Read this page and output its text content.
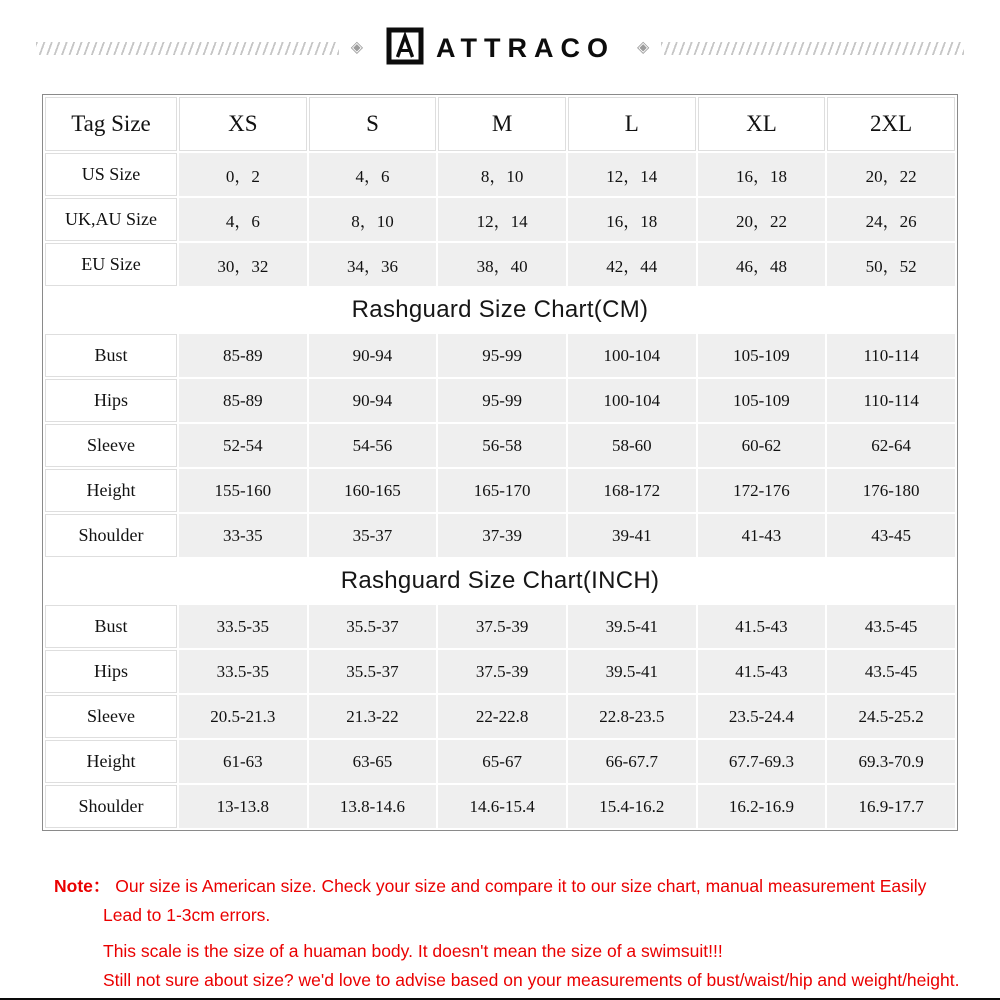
◈	ATTRACO ◈
Tag Size	XS	S	M	L	XL	2XL
US Size	0，2	4，6	8，10	12，14	16，18	20，22
UK,AU Size	4，6	8，10	12，14	16，18	20，22	24，26
EU Size	30，32	34，36	38，40	42，44	46，48	50，52
Rashguard Size Chart(CM)						
Bust	85-89	90-94	95-99	100-104	105-109	110-114
Hips	85-89	90-94	95-99	100-104	105-109	110-114
Sleeve	52-54	54-56	56-58	58-60	60-62	62-64
Height	155-160	160-165	165-170	168-172	172-176	176-180
Shoulder	33-35	35-37	37-39	39-41	41-43	43-45
Rashguard Size Chart(INCH)						
Bust	33.5-35	35.5-37	37.5-39	39.5-41	41.5-43	43.5-45
Hips	33.5-35	35.5-37	37.5-39	39.5-41	41.5-43	43.5-45
Sleeve	20.5-21.3	21.3-22	22-22.8	22.8-23.5	23.5-24.4	24.5-25.2
Height	61-63	63-65	65-67	66-67.7	67.7-69.3	69.3-70.9
Shoulder	13-13.8	13.8-14.6	14.6-15.4	15.4-16.2	16.2-16.9	16.9-17.7
Note： Our size is American size. Check your size and compare it to our size chart, manual measurement Easily
Lead to 1-3cm errors.
This scale is the size of a huaman body. It doesn't mean the size of a swimsuit!!!
Still not sure about size? we'd love to advise based on your measurements of bust/waist/hip and weight/height.
